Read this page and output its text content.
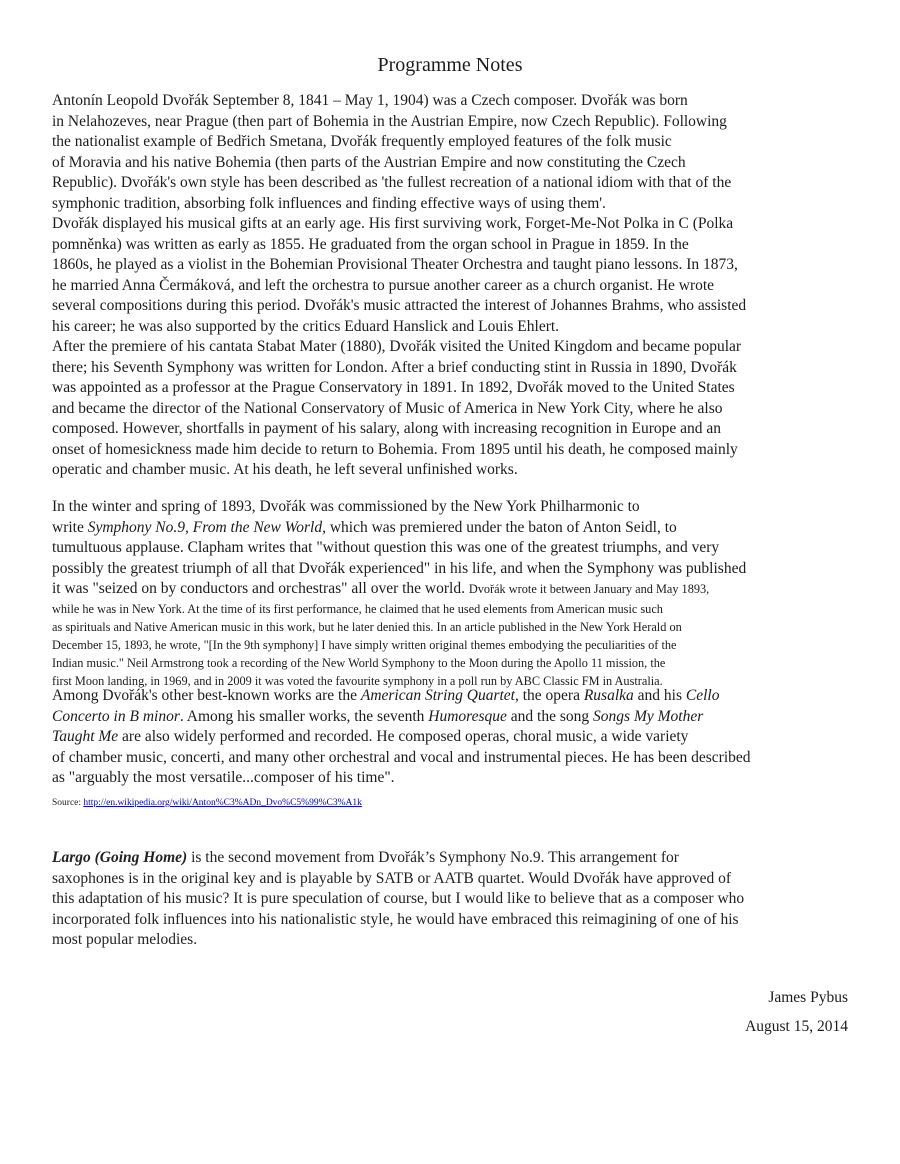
Programme Notes
Antonín Leopold Dvořák September 8, 1841 – May 1, 1904) was a Czech composer. Dvořák was born
in Nelahozeves, near Prague (then part of Bohemia in the Austrian Empire, now Czech Republic). Following
the nationalist example of Bedřich Smetana, Dvořák frequently employed features of the folk music
of Moravia and his native Bohemia (then parts of the Austrian Empire and now constituting the Czech
Republic). Dvořák's own style has been described as 'the fullest recreation of a national idiom with that of the
symphonic tradition, absorbing folk influences and finding effective ways of using them'.
Dvořák displayed his musical gifts at an early age. His first surviving work, Forget-Me-Not Polka in C (Polka
pomněnka) was written as early as 1855. He graduated from the organ school in Prague in 1859. In the
1860s, he played as a violist in the Bohemian Provisional Theater Orchestra and taught piano lessons. In 1873,
he married Anna Čermáková, and left the orchestra to pursue another career as a church organist. He wrote
several compositions during this period. Dvořák's music attracted the interest of Johannes Brahms, who assisted
his career; he was also supported by the critics Eduard Hanslick and Louis Ehlert.
After the premiere of his cantata Stabat Mater (1880), Dvořák visited the United Kingdom and became popular
there; his Seventh Symphony was written for London. After a brief conducting stint in Russia in 1890, Dvořák
was appointed as a professor at the Prague Conservatory in 1891. In 1892, Dvořák moved to the United States
and became the director of the National Conservatory of Music of America in New York City, where he also
composed. However, shortfalls in payment of his salary, along with increasing recognition in Europe and an
onset of homesickness made him decide to return to Bohemia. From 1895 until his death, he composed mainly
operatic and chamber music. At his death, he left several unfinished works.
In the winter and spring of 1893, Dvořák was commissioned by the New York Philharmonic to
write Symphony No.9, From the New World, which was premiered under the baton of Anton Seidl, to
tumultuous applause. Clapham writes that "without question this was one of the greatest triumphs, and very
possibly the greatest triumph of all that Dvořák experienced" in his life, and when the Symphony was published
it was "seized on by conductors and orchestras" all over the world. Dvořák wrote it between January and May 1893,
while he was in New York. At the time of its first performance, he claimed that he used elements from American music such
as spirituals and Native American music in this work, but he later denied this. In an article published in the New York Herald on
December 15, 1893, he wrote, "[In the 9th symphony] I have simply written original themes embodying the peculiarities of the
Indian music." Neil Armstrong took a recording of the New World Symphony to the Moon during the Apollo 11 mission, the
first Moon landing, in 1969, and in 2009 it was voted the favourite symphony in a poll run by ABC Classic FM in Australia.
Among Dvořák's other best-known works are the American String Quartet, the opera Rusalka and his Cello
Concerto in B minor. Among his smaller works, the seventh Humoresque and the song Songs My Mother
Taught Me are also widely performed and recorded. He composed operas, choral music, a wide variety
of chamber music, concerti, and many other orchestral and vocal and instrumental pieces. He has been described
as "arguably the most versatile...composer of his time".
Source: http://en.wikipedia.org/wiki/Anton%C3%ADn_Dvo%C5%99%C3%A1k
Largo (Going Home) is the second movement from Dvořák’s Symphony No.9. This arrangement for
saxophones is in the original key and is playable by SATB or AATB quartet. Would Dvořák have approved of
this adaptation of his music? It is pure speculation of course, but I would like to believe that as a composer who
incorporated folk influences into his nationalistic style, he would have embraced this reimagining of one of his
most popular melodies.
James Pybus
August 15, 2014
